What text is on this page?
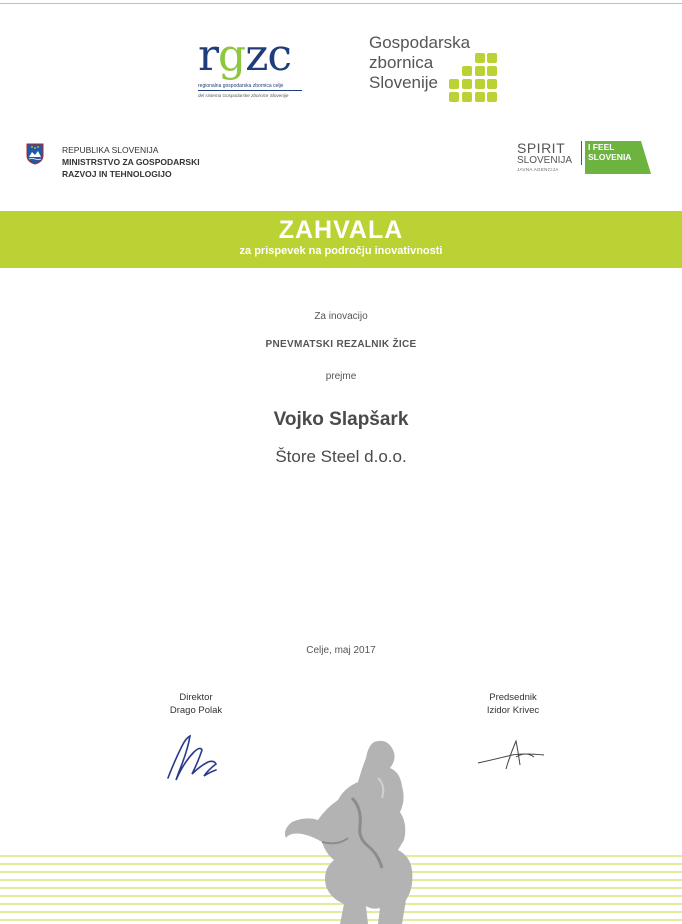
rgzc
regionalna gospodarska zbornica celje
del sistema Gospodarske zbornice Slovenije
Gospodarska
zbornica
Slovenije
REPUBLIKA SLOVENIJA
MINISTRSTVO ZA GOSPODARSKI
RAZVOJ IN TEHNOLOGIJO
SPIRIT
SLOVENIJA
JAVNA AGENCIJA
I FEEL
SLOVENIA
ZAHVALA
za prispevek na področju inovativnosti
Za inovacijo
PNEVMATSKI REZALNIK ŽICE
prejme
Vojko Slapšark
Štore Steel d.o.o.
Celje, maj 2017
Direktor
Drago Polak
Predsednik
Izidor Krivec
